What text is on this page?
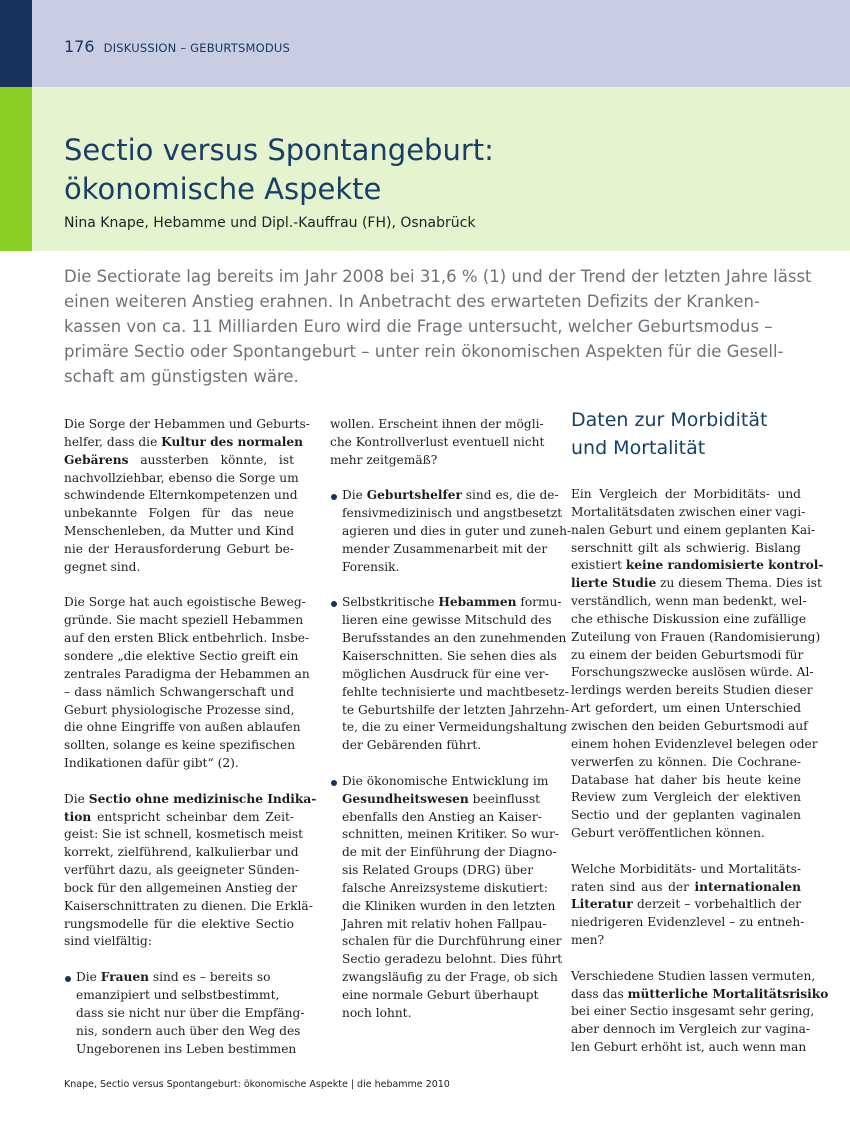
176 DISKUSSION – GEBURTSMODUS
Sectio versus Spontangeburt:
ökonomische Aspekte
Nina Knape, Hebamme und Dipl.-Kauffrau (FH), Osnabrück
Die Sectiorate lag bereits im Jahr 2008 bei 31,6 % (1) und der Trend der letzten Jahre lässt
einen weiteren Anstieg erahnen. In Anbetracht des erwarteten Defizits der Kranken-
kassen von ca. 11 Milliarden Euro wird die Frage untersucht, welcher Geburtsmodus –
primäre Sectio oder Spontangeburt – unter rein ökonomischen Aspekten für die Gesell-
schaft am günstigsten wäre.

Die Sorge der Hebammen und Geburts-
helfer, dass die Kultur des normalen
Gebärens aussterben könnte, ist
nachvollziehbar, ebenso die Sorge um
schwindende Elternkompetenzen und
unbekannte Folgen für das neue
Menschenleben, da Mutter und Kind
nie der Herausforderung Geburt be-
gegnet sind.

Die Sorge hat auch egoistische Beweg-
gründe. Sie macht speziell Hebammen
auf den ersten Blick entbehrlich. Insbe-
sondere „die elektive Sectio greift ein
zentrales Paradigma der Hebammen an
– dass nämlich Schwangerschaft und
Geburt physiologische Prozesse sind,
die ohne Eingriffe von außen ablaufen
sollten, solange es keine spezifischen
Indikationen dafür gibt“ (2).

Die Sectio ohne medizinische Indika-
tion entspricht scheinbar dem Zeit-
geist: Sie ist schnell, kosmetisch meist
korrekt, zielführend, kalkulierbar und
verführt dazu, als geeigneter Sünden-
bock für den allgemeinen Anstieg der
Kaiserschnittraten zu dienen. Die Erklä-
rungsmodelle für die elektive Sectio
sind vielfältig:

Die Frauen sind es – bereits so
emanzipiert und selbstbestimmt,
dass sie nicht nur über die Empfäng-
nis, sondern auch über den Weg des
Ungeborenen ins Leben bestimmen
wollen. Erscheint ihnen der mögli-
che Kontrollverlust eventuell nicht
mehr zeitgemäß?
Die Geburtshelfer sind es, die de-
fensivmedizinisch und angstbesetzt
agieren und dies in guter und zuneh-
mender Zusammenarbeit mit der
Forensik.
Selbstkritische Hebammen formu-
lieren eine gewisse Mitschuld des
Berufsstandes an den zunehmenden
Kaiserschnitten. Sie sehen dies als
möglichen Ausdruck für eine ver-
fehlte technisierte und machtbesetz-
te Geburtshilfe der letzten Jahrzehn-
te, die zu einer Vermeidungshaltung
der Gebärenden führt.
Die ökonomische Entwicklung im
Gesundheitswesen beeinflusst
ebenfalls den Anstieg an Kaiser-
schnitten, meinen Kritiker. So wur-
de mit der Einführung der Diagno-
sis Related Groups (DRG) über
falsche Anreizsysteme diskutiert:
die Kliniken wurden in den letzten
Jahren mit relativ hohen Fallpau-
schalen für die Durchführung einer
Sectio geradezu belohnt. Dies führt
zwangsläufig zu der Frage, ob sich
eine normale Geburt überhaupt
noch lohnt.
Daten zur Morbidität
und Mortalität

Ein Vergleich der Morbiditäts- und
Mortalitätsdaten zwischen einer vagi-
nalen Geburt und einem geplanten Kai-
serschnitt gilt als schwierig. Bislang
existiert keine randomisierte kontrol-
lierte Studie zu diesem Thema. Dies ist
verständlich, wenn man bedenkt, wel-
che ethische Diskussion eine zufällige
Zuteilung von Frauen (Randomisierung)
zu einem der beiden Geburtsmodi für
Forschungszwecke auslösen würde. Al-
lerdings werden bereits Studien dieser
Art gefordert, um einen Unterschied
zwischen den beiden Geburtsmodi auf
einem hohen Evidenzlevel belegen oder
verwerfen zu können. Die Cochrane-
Database hat daher bis heute keine
Review zum Vergleich der elektiven
Sectio und der geplanten vaginalen
Geburt veröffentlichen können.

Welche Morbiditäts- und Mortalitäts-
raten sind aus der internationalen
Literatur derzeit – vorbehaltlich der
niedrigeren Evidenzlevel – zu entneh-
men?

Verschiedene Studien lassen vermuten,
dass das mütterliche Mortalitätsrisiko
bei einer Sectio insgesamt sehr gering,
aber dennoch im Vergleich zur vagina-
len Geburt erhöht ist, auch wenn man

Knape, Sectio versus Spontangeburt: ökonomische Aspekte | die hebamme 2010
